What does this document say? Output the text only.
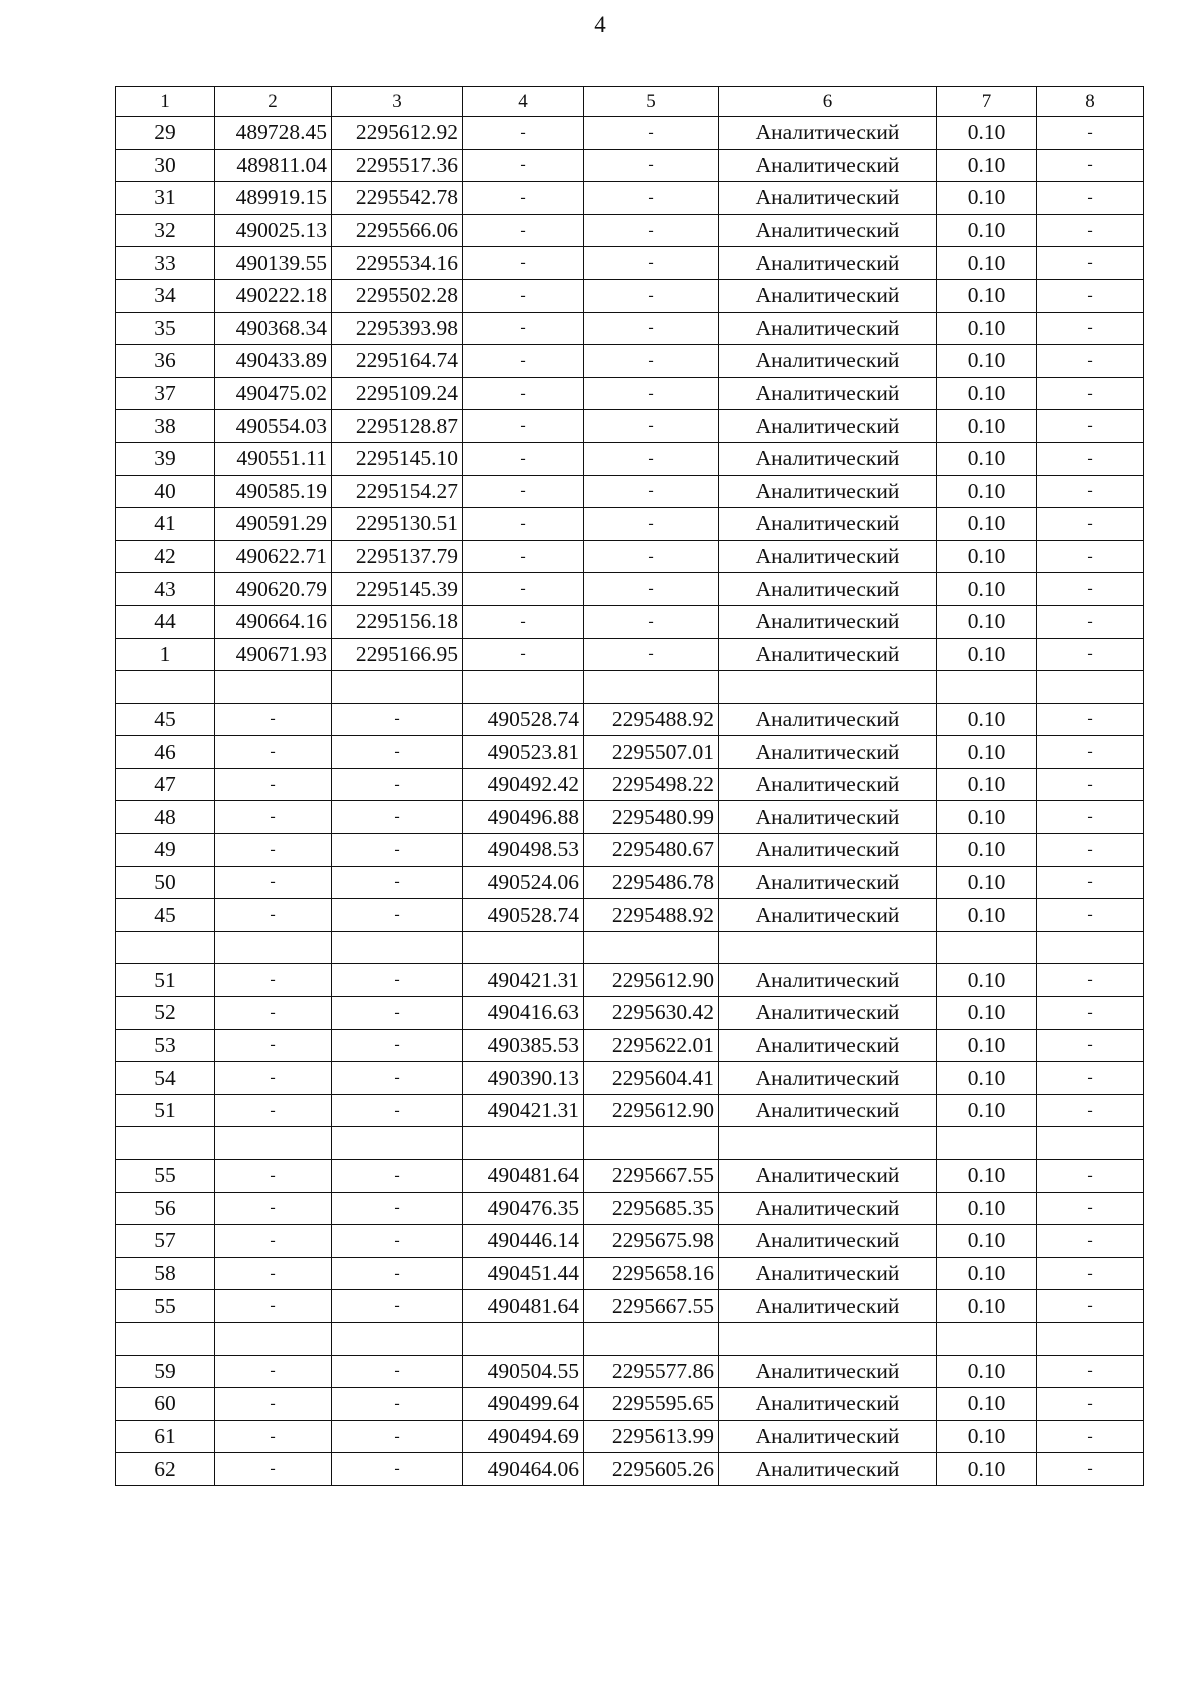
4
1	2	3	4	5	6	7	8
29	489728.45	2295612.92	-	-	Аналитический	0.10	-
30	489811.04	2295517.36	-	-	Аналитический	0.10	-
31	489919.15	2295542.78	-	-	Аналитический	0.10	-
32	490025.13	2295566.06	-	-	Аналитический	0.10	-
33	490139.55	2295534.16	-	-	Аналитический	0.10	-
34	490222.18	2295502.28	-	-	Аналитический	0.10	-
35	490368.34	2295393.98	-	-	Аналитический	0.10	-
36	490433.89	2295164.74	-	-	Аналитический	0.10	-
37	490475.02	2295109.24	-	-	Аналитический	0.10	-
38	490554.03	2295128.87	-	-	Аналитический	0.10	-
39	490551.11	2295145.10	-	-	Аналитический	0.10	-
40	490585.19	2295154.27	-	-	Аналитический	0.10	-
41	490591.29	2295130.51	-	-	Аналитический	0.10	-
42	490622.71	2295137.79	-	-	Аналитический	0.10	-
43	490620.79	2295145.39	-	-	Аналитический	0.10	-
44	490664.16	2295156.18	-	-	Аналитический	0.10	-
1	490671.93	2295166.95	-	-	Аналитический	0.10	-

45	-	-	490528.74	2295488.92	Аналитический	0.10	-
46	-	-	490523.81	2295507.01	Аналитический	0.10	-
47	-	-	490492.42	2295498.22	Аналитический	0.10	-
48	-	-	490496.88	2295480.99	Аналитический	0.10	-
49	-	-	490498.53	2295480.67	Аналитический	0.10	-
50	-	-	490524.06	2295486.78	Аналитический	0.10	-
45	-	-	490528.74	2295488.92	Аналитический	0.10	-

51	-	-	490421.31	2295612.90	Аналитический	0.10	-
52	-	-	490416.63	2295630.42	Аналитический	0.10	-
53	-	-	490385.53	2295622.01	Аналитический	0.10	-
54	-	-	490390.13	2295604.41	Аналитический	0.10	-
51	-	-	490421.31	2295612.90	Аналитический	0.10	-

55	-	-	490481.64	2295667.55	Аналитический	0.10	-
56	-	-	490476.35	2295685.35	Аналитический	0.10	-
57	-	-	490446.14	2295675.98	Аналитический	0.10	-
58	-	-	490451.44	2295658.16	Аналитический	0.10	-
55	-	-	490481.64	2295667.55	Аналитический	0.10	-

59	-	-	490504.55	2295577.86	Аналитический	0.10	-
60	-	-	490499.64	2295595.65	Аналитический	0.10	-
61	-	-	490494.69	2295613.99	Аналитический	0.10	-
62	-	-	490464.06	2295605.26	Аналитический	0.10	-
